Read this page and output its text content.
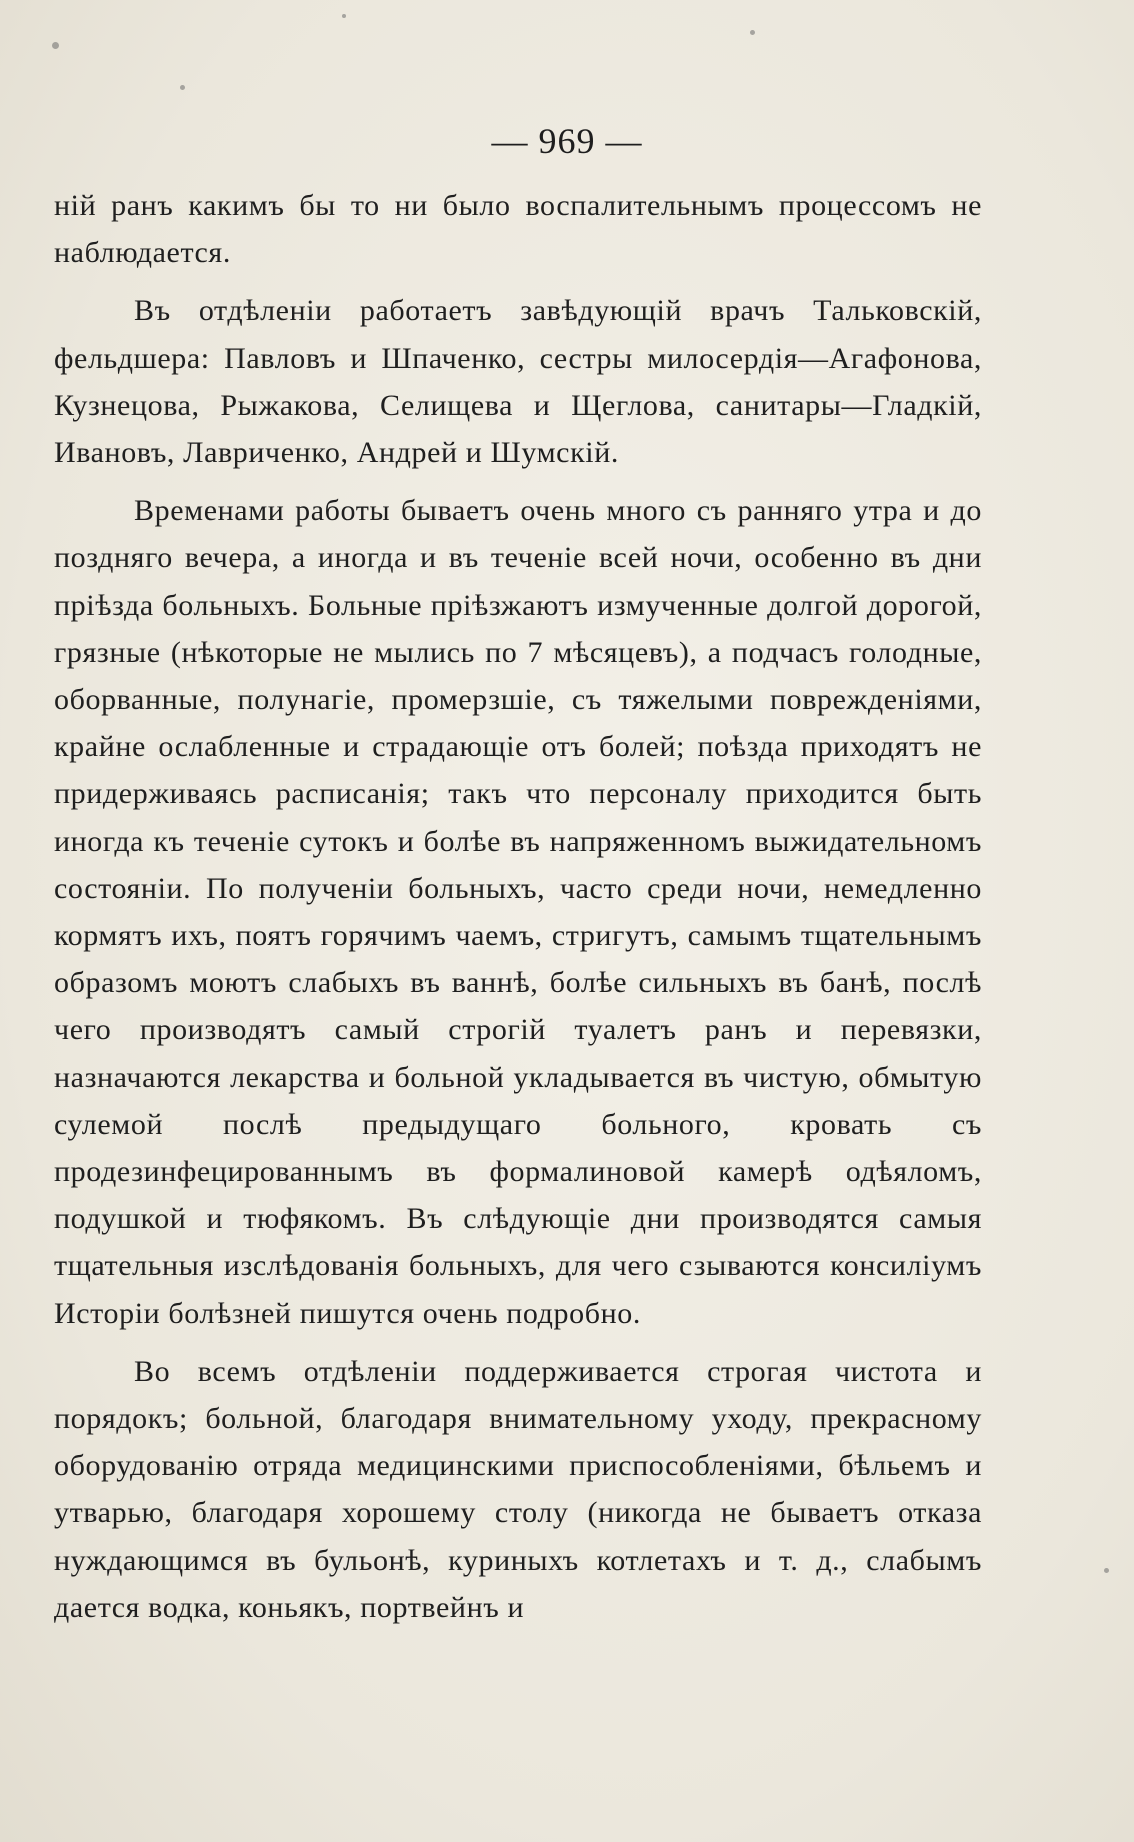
— 969 —

ній ранъ какимъ бы то ни было воспалительнымъ процессомъ не наблюдается.

Въ отдѣленіи работаетъ завѣдующій врачъ Тальковскій, фельдшера: Павловъ и Шпаченко, сестры милосердія—Агафонова, Кузнецова, Рыжакова, Селищева и Щеглова, санитары—Гладкій, Ивановъ, Лавриченко, Андрей и Шумскій.

Временами работы бываетъ очень много съ ранняго утра и до поздняго вечера, а иногда и въ теченіе всей ночи, особенно въ дни пріѣзда больныхъ. Больные пріѣзжаютъ измученные долгой дорогой, грязные (нѣкоторые не мылись по 7 мѣсяцевъ), а подчасъ голодные, оборванные, полунагіе, промерзшіе, съ тяжелыми поврежденіями, крайне ослабленные и страдающіе отъ болей; поѣзда приходятъ не придерживаясь расписанія; такъ что персоналу приходится быть иногда къ теченіе сутокъ и болѣе въ напряженномъ выжидательномъ состояніи. По полученіи больныхъ, часто среди ночи, немедленно кормятъ ихъ, поятъ горячимъ чаемъ, стригутъ, самымъ тщательнымъ образомъ моютъ слабыхъ въ ваннѣ, болѣе сильныхъ въ банѣ, послѣ чего производятъ самый строгій туалетъ ранъ и перевязки, назначаются лекарства и больной укладывается въ чистую, обмытую сулемой послѣ предыдущаго больного, кровать съ продезинфецированнымъ въ формалиновой камерѣ одѣяломъ, подушкой и тюфякомъ. Въ слѣдующіе дни производятся самыя тщательныя изслѣдованія больныхъ, для чего сзываются консиліумъ Исторіи болѣзней пишутся очень подробно.

Во всемъ отдѣленіи поддерживается строгая чистота и порядокъ; больной, благодаря внимательному уходу, прекрасному оборудованію отряда медицинскими приспособленіями, бѣльемъ и утварью, благодаря хорошему столу (никогда не бываетъ отказа нуждающимся въ бульонѣ, куриныхъ котлетахъ и т. д., слабымъ дается водка, коньякъ, портвейнъ и
